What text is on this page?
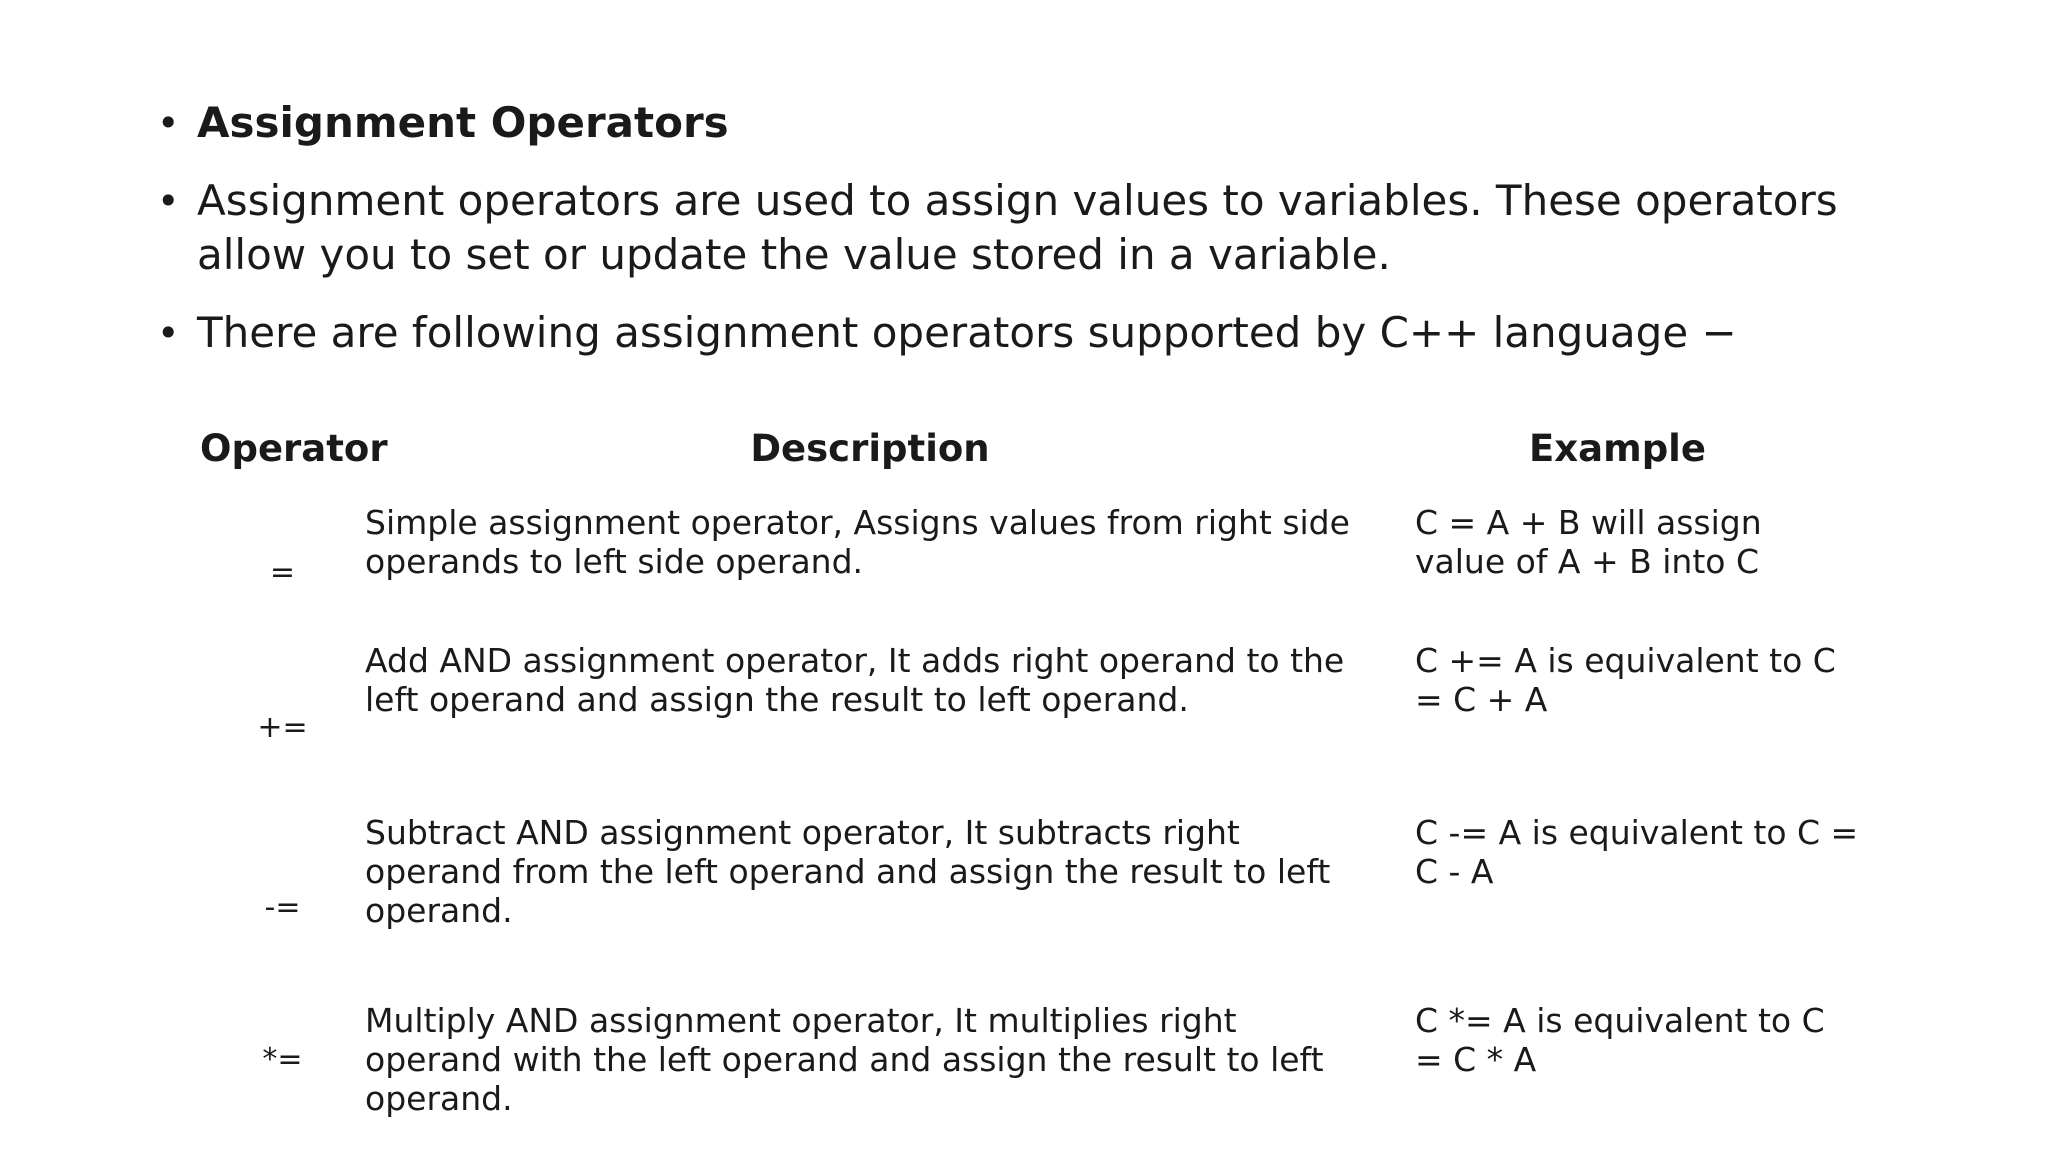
• Assignment Operators
• Assignment operators are used to assign values to variables. These operators allow you to set or update the value stored in a variable.
• There are following assignment operators supported by C++ language −
Operator	Description	Example
=	Simple assignment operator, Assigns values from right side operands to left side operand.	C = A + B will assign value of A + B into C
+=	Add AND assignment operator, It adds right operand to the left operand and assign the result to left operand.	C += A is equivalent to C = C + A
-=	Subtract AND assignment operator, It subtracts right operand from the left operand and assign the result to left operand.	C -= A is equivalent to C = C - A
*=	Multiply AND assignment operator, It multiplies right operand with the left operand and assign the result to left operand.	C *= A is equivalent to C = C * A
